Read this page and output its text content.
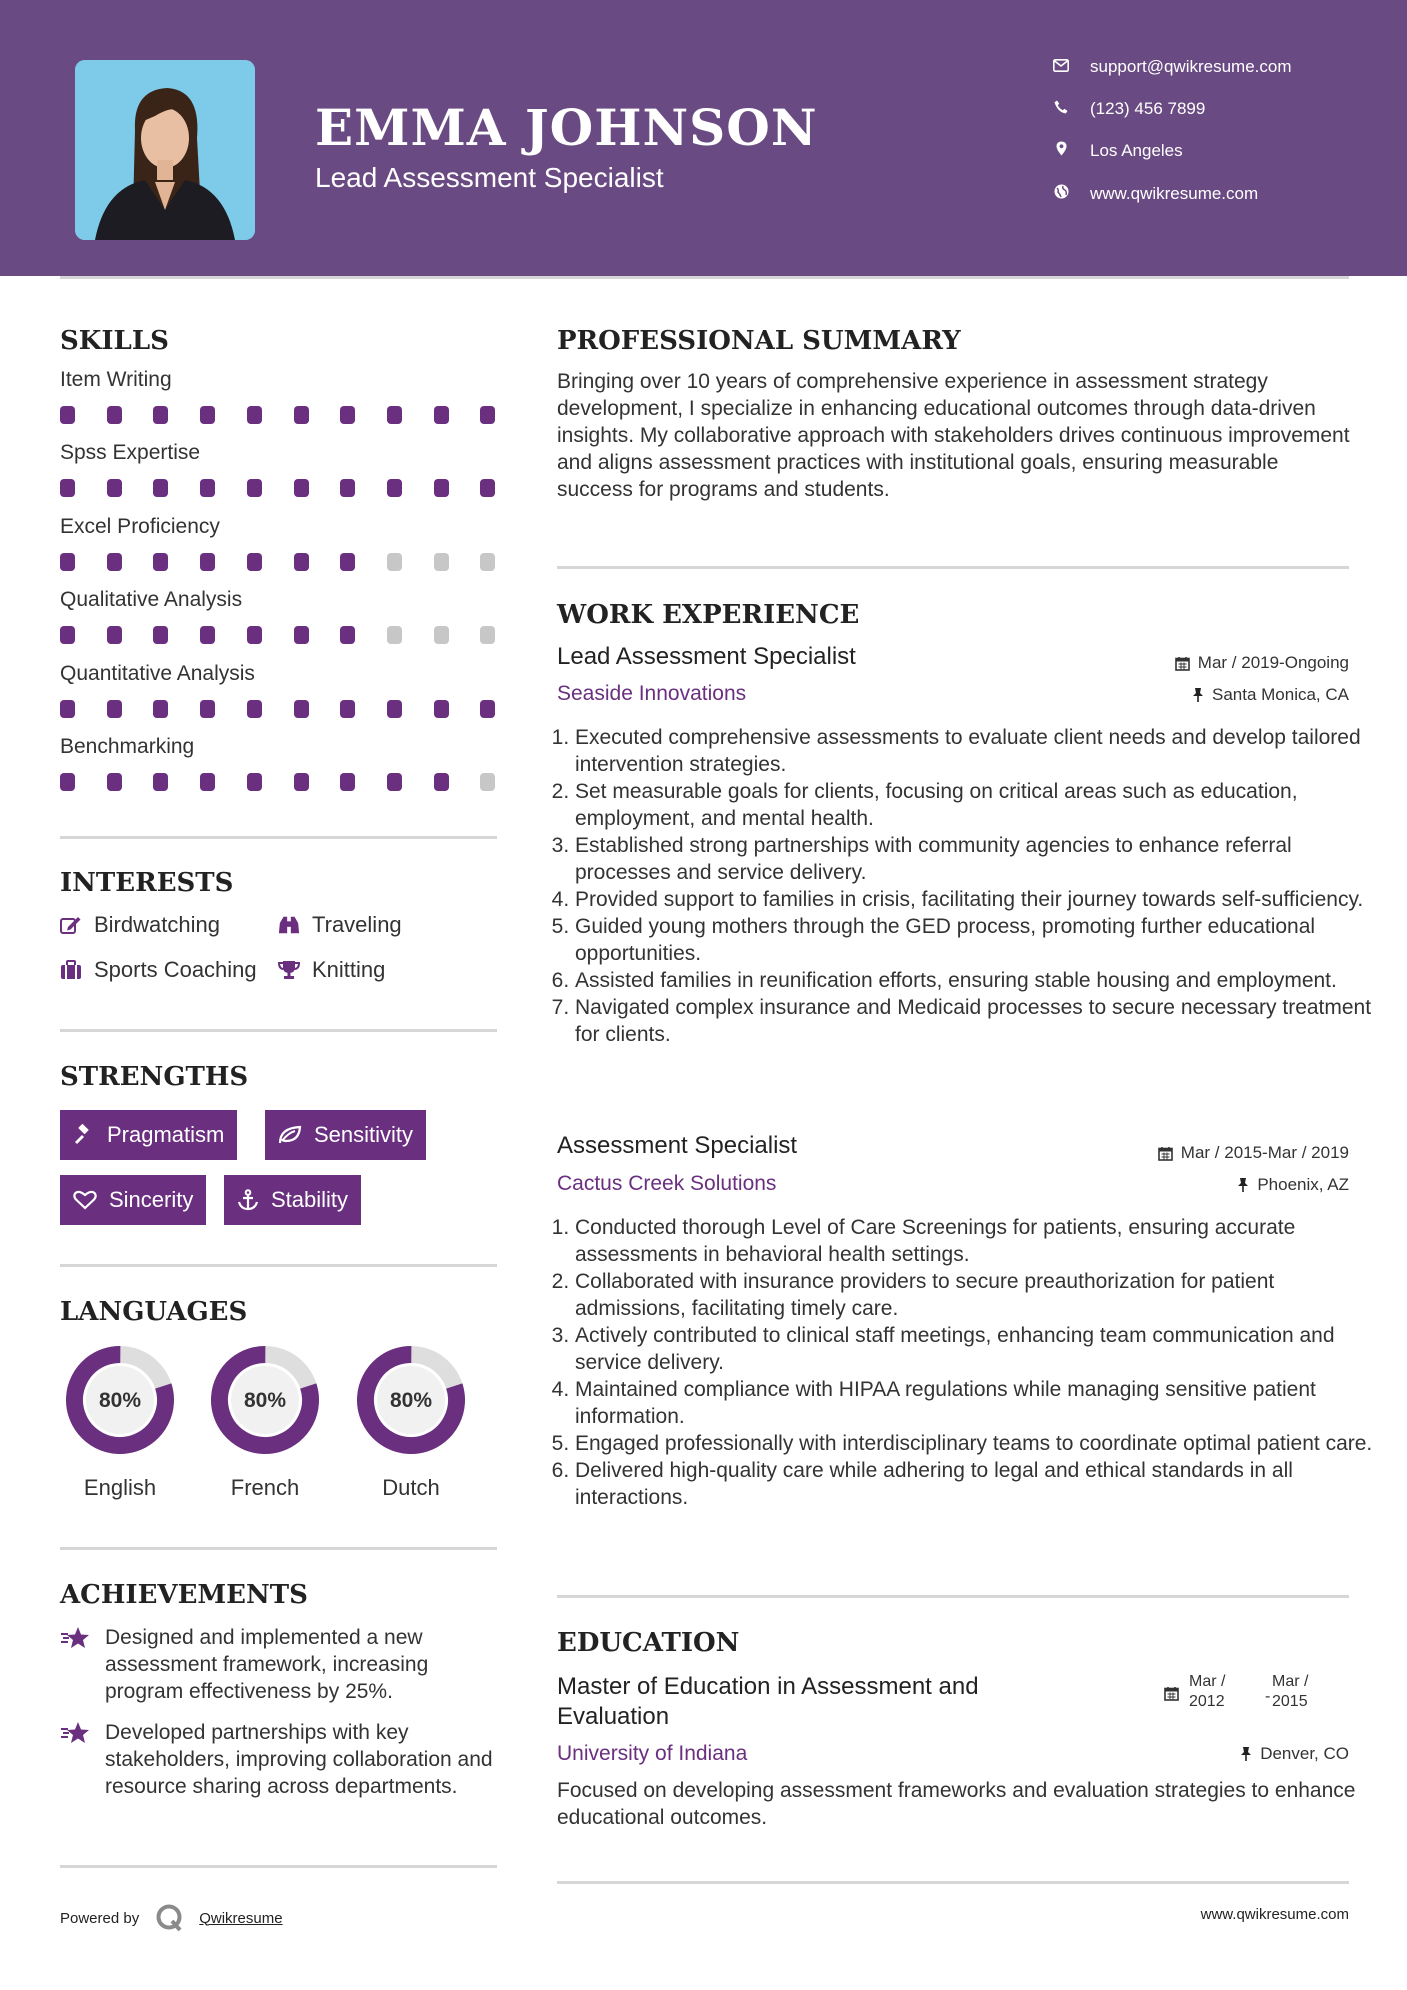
EMMA JOHNSON
Lead Assessment Specialist
support@qwikresume.com
(123) 456 7899
Los Angeles
www.qwikresume.com
SKILLS
Item Writing
Spss Expertise
Excel Proficiency
Qualitative Analysis
Quantitative Analysis
Benchmarking
INTERESTS
Birdwatching	Traveling
Sports Coaching	Knitting
STRENGTHS
Pragmatism	Sensitivity
Sincerity	Stability
LANGUAGES
80%
English
80%
French
80%
Dutch
ACHIEVEMENTS
Designed and implemented a new assessment framework, increasing program effectiveness by 25%.
Developed partnerships with key stakeholders, improving collaboration and resource sharing across departments.
PROFESSIONAL SUMMARY
Bringing over 10 years of comprehensive experience in assessment strategy development, I specialize in enhancing educational outcomes through data-driven insights. My collaborative approach with stakeholders drives continuous improvement and aligns assessment practices with institutional goals, ensuring measurable success for programs and students.
WORK EXPERIENCE
Lead Assessment Specialist	Mar / 2019-Ongoing
Seaside Innovations	Santa Monica, CA
1. Executed comprehensive assessments to evaluate client needs and develop tailored intervention strategies.
2. Set measurable goals for clients, focusing on critical areas such as education, employment, and mental health.
3. Established strong partnerships with community agencies to enhance referral processes and service delivery.
4. Provided support to families in crisis, facilitating their journey towards self-sufficiency.
5. Guided young mothers through the GED process, promoting further educational opportunities.
6. Assisted families in reunification efforts, ensuring stable housing and employment.
7. Navigated complex insurance and Medicaid processes to secure necessary treatment for clients.
Assessment Specialist	Mar / 2015-Mar / 2019
Cactus Creek Solutions	Phoenix, AZ
1. Conducted thorough Level of Care Screenings for patients, ensuring accurate assessments in behavioral health settings.
2. Collaborated with insurance providers to secure preauthorization for patient admissions, facilitating timely care.
3. Actively contributed to clinical staff meetings, enhancing team communication and service delivery.
4. Maintained compliance with HIPAA regulations while managing sensitive patient information.
5. Engaged professionally with interdisciplinary teams to coordinate optimal patient care.
6. Delivered high-quality care while adhering to legal and ethical standards in all interactions.
EDUCATION
Master of Education in Assessment and
Evaluation
Mar /
2012	-
Mar /
2015
University of Indiana	Denver, CO
Focused on developing assessment frameworks and evaluation strategies to enhance educational outcomes.
Powered by	Qwikresume	www.qwikresume.com
